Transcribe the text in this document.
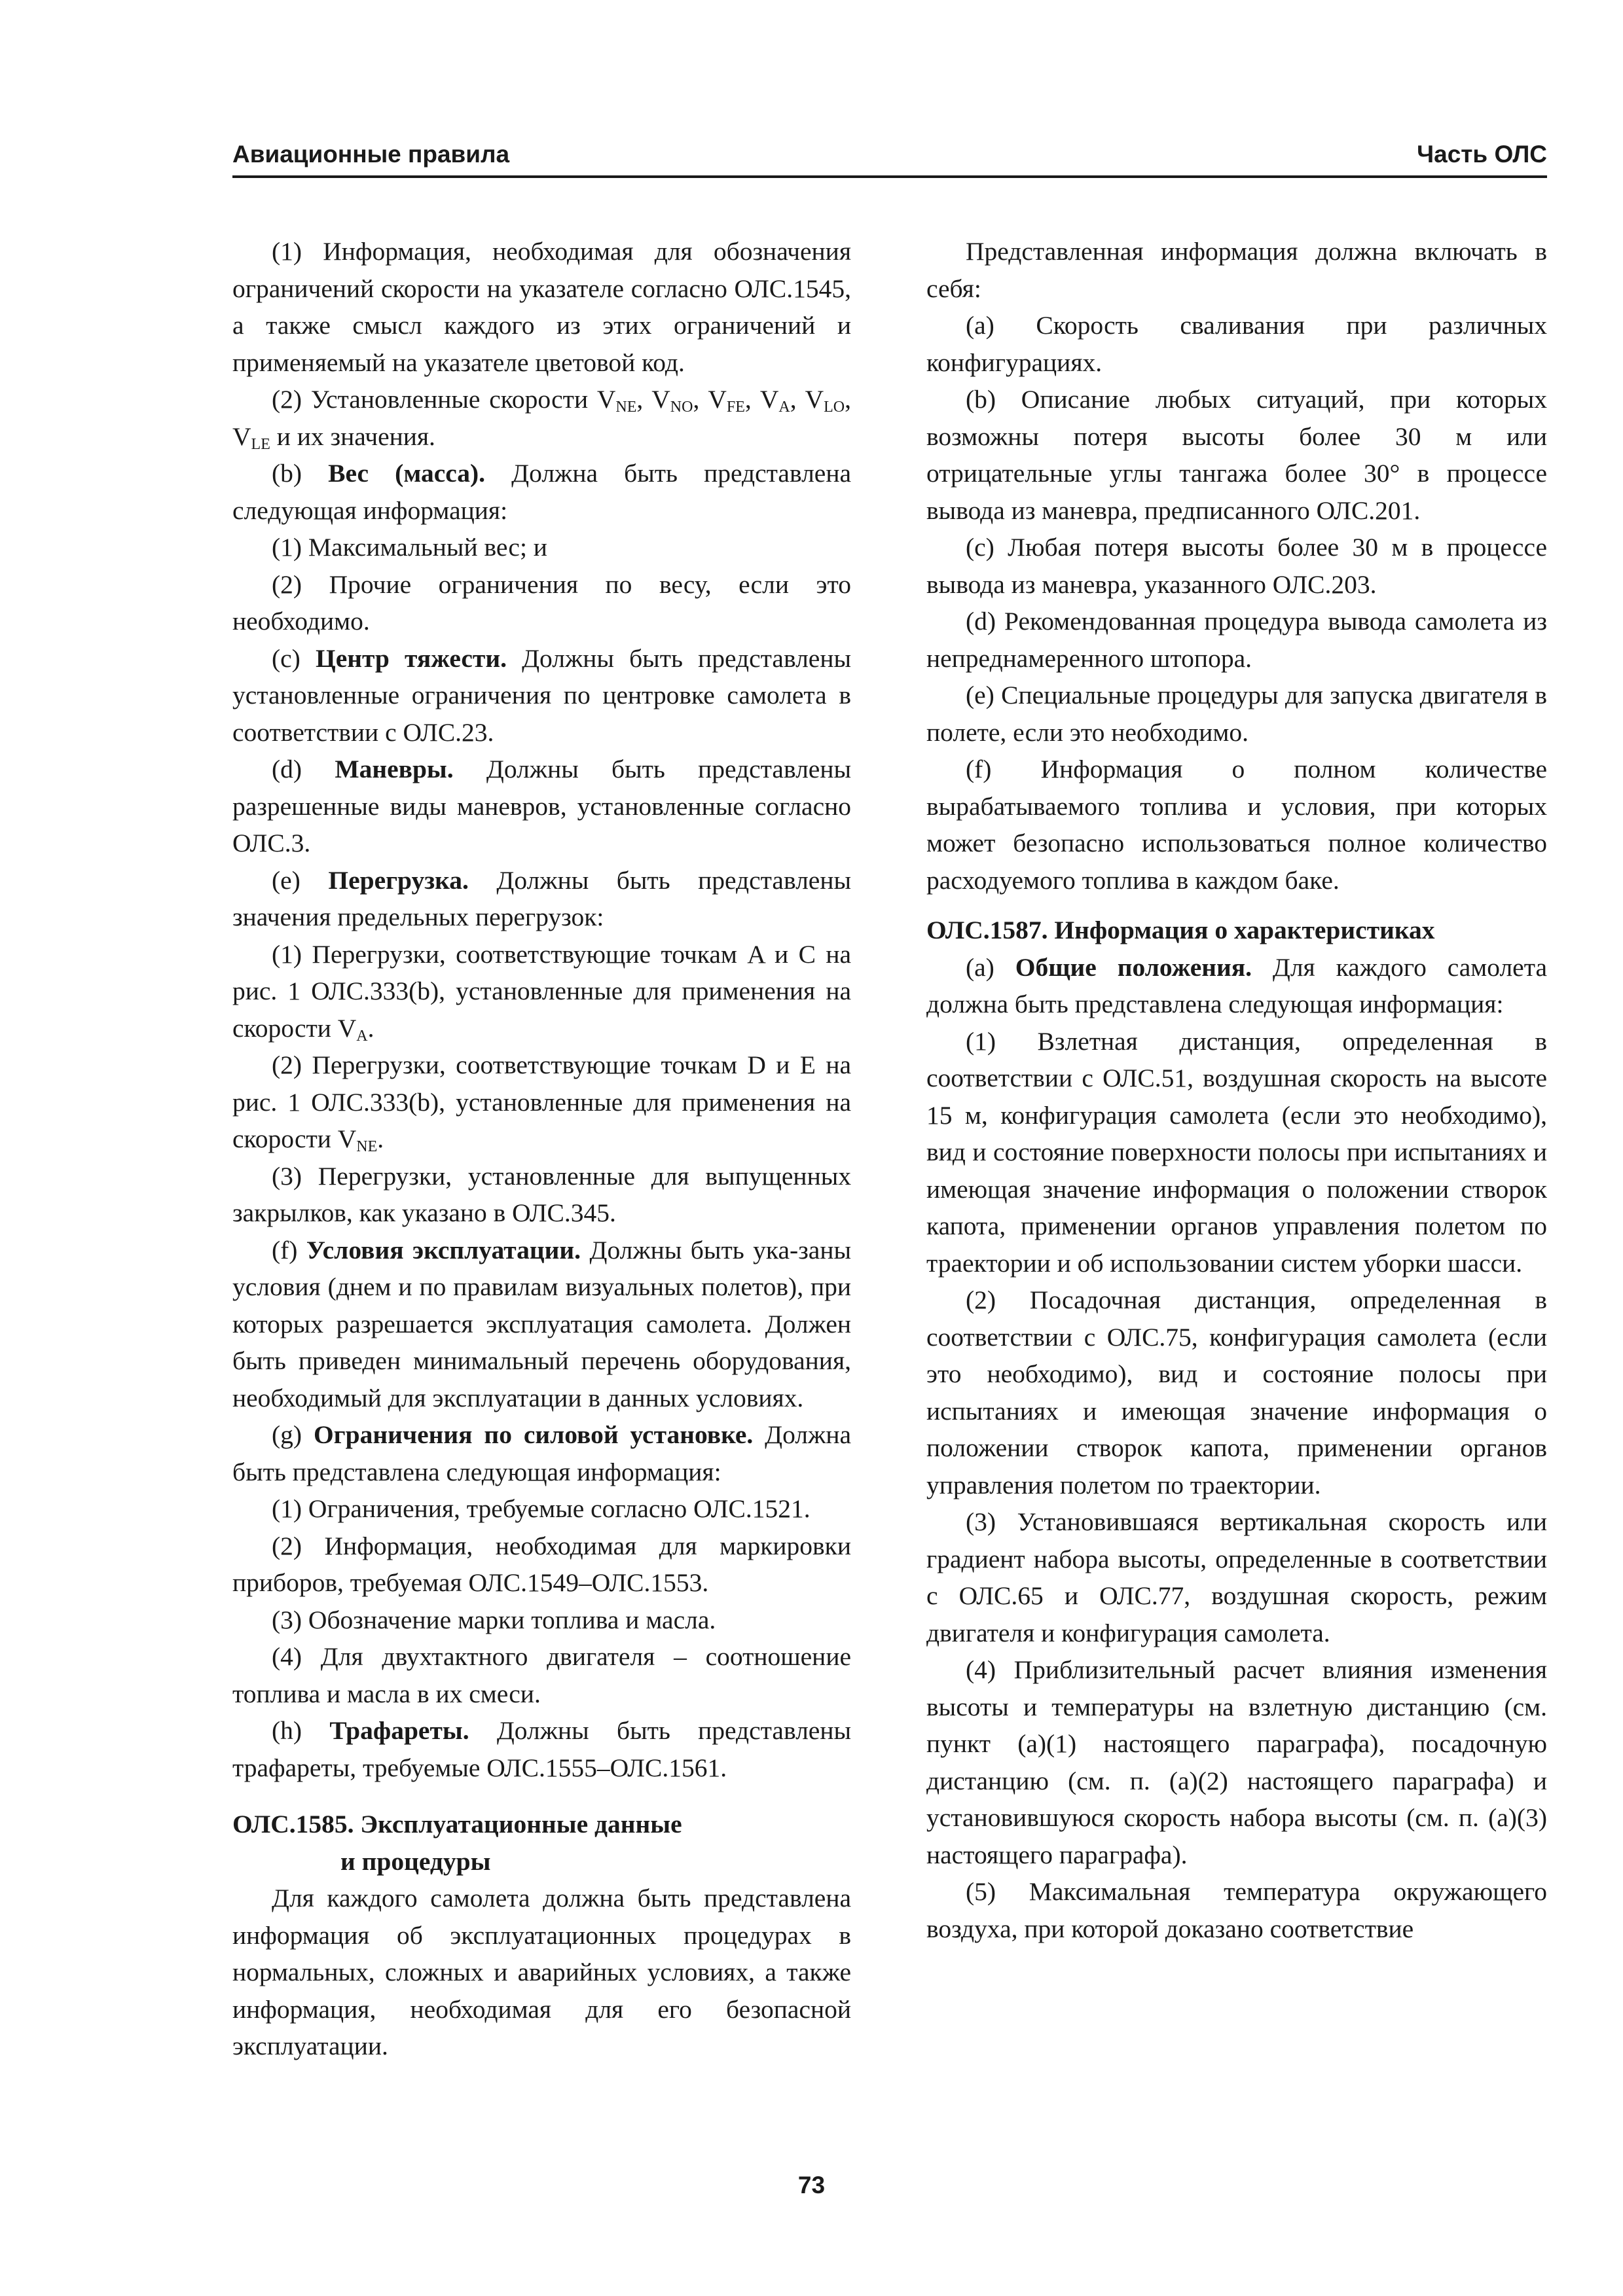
Авиационные правила	Часть ОЛС

(1) Информация, необходимая для обозначения ограничений скорости на указателе согласно ОЛС.1545, а также смысл каждого из этих ограничений и применяемый на указателе цветовой код.

(2) Установленные скорости $V_{NE}$, $V_{NO}$, $V_{FE}$, $V_A$, $V_{LO}$, $V_{LE}$ и их значения.

(b) Вес (масса). Должна быть представлена следующая информация:

(1) Максимальный вес; и

(2) Прочие ограничения по весу, если это необходимо.

(c) Центр тяжести. Должны быть представлены установленные ограничения по центровке самолета в соответствии с ОЛС.23.

(d) Маневры. Должны быть представлены разрешенные виды маневров, установленные согласно ОЛС.3.

(e) Перегрузка. Должны быть представлены значения предельных перегрузок:

(1) Перегрузки, соответствующие точкам A и C на рис. 1 ОЛС.333(b), установленные для применения на скорости $V_A$.

(2) Перегрузки, соответствующие точкам D и E на рис. 1 ОЛС.333(b), установленные для применения на скорости $V_{NE}$.

(3) Перегрузки, установленные для выпущенных закрылков, как указано в ОЛС.345.

(f) Условия эксплуатации. Должны быть ука-заны условия (днем и по правилам визуальных полетов), при которых разрешается эксплуатация самолета. Должен быть приведен минимальный перечень оборудования, необходимый для эксплуатации в данных условиях.

(g) Ограничения по силовой установке. Должна быть представлена следующая информация:

(1) Ограничения, требуемые согласно ОЛС.1521.

(2) Информация, необходимая для маркировки приборов, требуемая ОЛС.1549–ОЛС.1553.

(3) Обозначение марки топлива и масла.

(4) Для двухтактного двигателя – соотношение топлива и масла в их смеси.

(h) Трафареты. Должны быть представлены трафареты, требуемые ОЛС.1555–ОЛС.1561.

ОЛС.1585. Эксплуатационные данные
и процедуры

Для каждого самолета должна быть представлена информация об эксплуатационных процедурах в нормальных, сложных и аварийных условиях, а также информация, необходимая для его безопасной эксплуатации.

Представленная информация должна включать в себя:

(a) Скорость сваливания при различных конфигурациях.

(b) Описание любых ситуаций, при которых возможны потеря высоты более 30 м или отрицательные углы тангажа более 30° в процессе вывода из маневра, предписанного ОЛС.201.

(c) Любая потеря высоты более 30 м в процессе вывода из маневра, указанного ОЛС.203.

(d) Рекомендованная процедура вывода самолета из непреднамеренного штопора.

(e) Специальные процедуры для запуска двигателя в полете, если это необходимо.

(f) Информация о полном количестве вырабатываемого топлива и условия, при которых может безопасно использоваться полное количество расходуемого топлива в каждом баке.

ОЛС.1587. Информация о характеристиках

(a) Общие положения. Для каждого самолета должна быть представлена следующая информация:

(1) Взлетная дистанция, определенная в соответствии с ОЛС.51, воздушная скорость на высоте 15 м, конфигурация самолета (если это необходимо), вид и состояние поверхности полосы при испытаниях и имеющая значение информация о положении створок капота, применении органов управления полетом по траектории и об использовании систем уборки шасси.

(2) Посадочная дистанция, определенная в соответствии с ОЛС.75, конфигурация самолета (если это необходимо), вид и состояние полосы при испытаниях и имеющая значение информация о положении створок капота, применении органов управления полетом по траектории.

(3) Установившаяся вертикальная скорость или градиент набора высоты, определенные в соответствии с ОЛС.65 и ОЛС.77, воздушная скорость, режим двигателя и конфигурация самолета.

(4) Приблизительный расчет влияния изменения высоты и температуры на взлетную дистанцию (см. пункт (a)(1) настоящего параграфа), посадочную дистанцию (см. п. (a)(2) настоящего параграфа) и установившуюся скорость набора высоты (см. п. (a)(3) настоящего параграфа).

(5) Максимальная температура окружающего воздуха, при которой доказано соответствие

73
